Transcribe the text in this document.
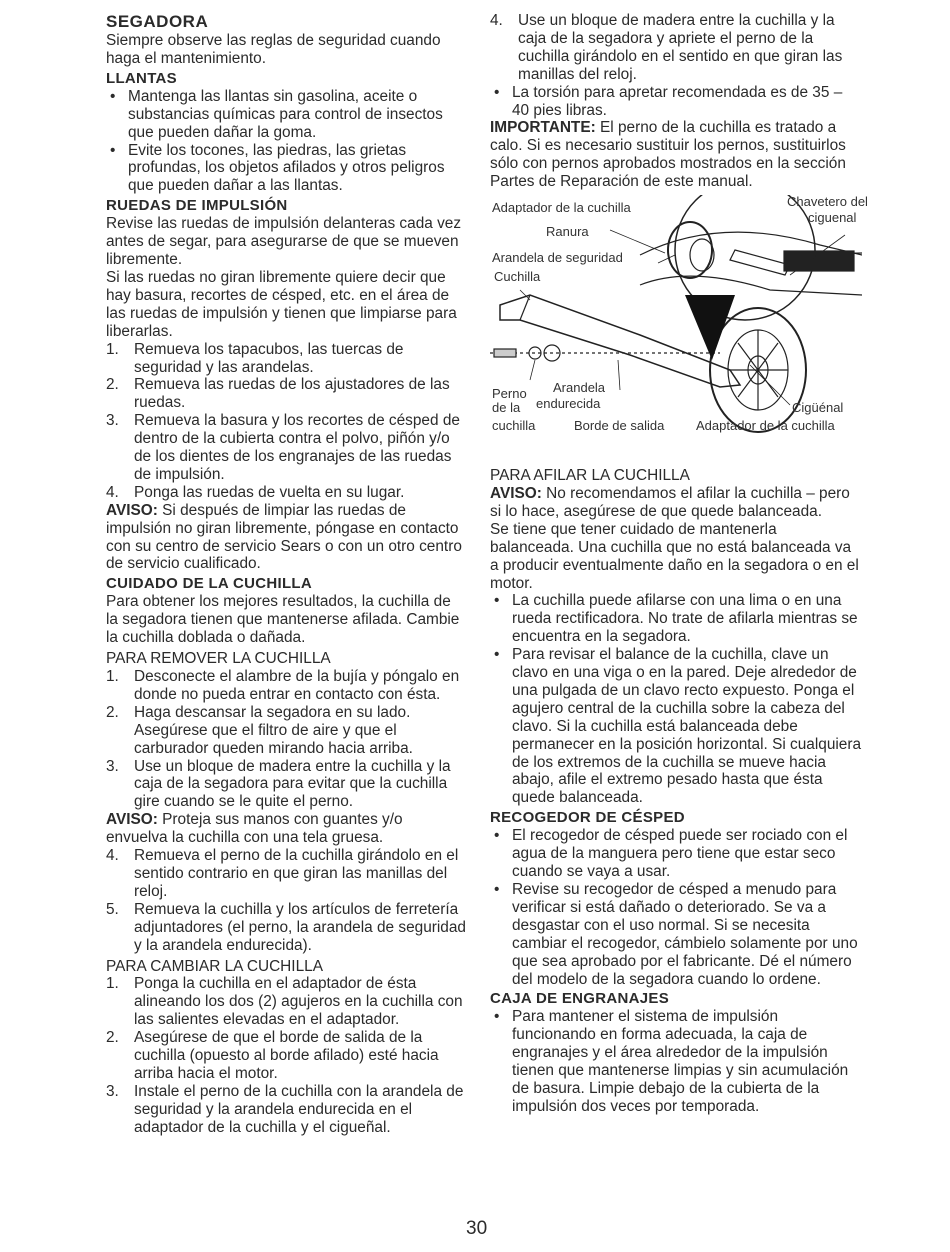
SEGADORA

Siempre observe las reglas de seguridad cuando haga el mantenimiento.

LLANTAS
• Mantenga las llantas sin gasolina, aceite o substancias químicas para control de insectos que pueden dañar la goma.
• Evite los tocones, las piedras, las grietas profundas, los objetos afilados y otros peligros que pueden dañar a las llantas.
RUEDAS DE IMPULSIÓN

Revise las ruedas de impulsión delanteras cada vez antes de segar, para asegurarse de que se mueven libremente.

Si las ruedas no giran libremente quiere decir que hay basura, recortes de césped, etc. en el área de las ruedas de impulsión y tienen que limpiarse para liberarlas.

1. Remueva los tapacubos, las tuercas de seguridad y las arandelas.
2. Remueva las ruedas de los ajustadores de las ruedas.
3. Remueva la basura y los recortes de césped de dentro de la cubierta contra el polvo, piñón y/o de los dientes de los engranajes de las ruedas de impulsión.
4. Ponga las ruedas de vuelta en su lugar.

AVISO: Si después de limpiar las ruedas de impulsión no giran libremente, póngase en contacto con su centro de servicio Sears o con un otro centro de servicio cualificado.

CUIDADO DE LA CUCHILLA

Para obtener los mejores resultados, la cuchilla de la segadora tienen que mantenerse afilada. Cambie la cuchilla doblada o dañada.

PARA REMOVER LA CUCHILLA

1. Desconecte el alambre de la bujía y póngalo en donde no pueda entrar en contacto con ésta.
2. Haga descansar la segadora en su lado. Asegúrese que el filtro de aire y que el carburador queden mirando hacia arriba.
3. Use un bloque de madera entre la cuchilla y la caja de la segadora para evitar que la cuchilla gire cuando se le quite el perno.

AVISO: Proteja sus manos con guantes y/o envuelva la cuchilla con una tela gruesa.

4. Remueva el perno de la cuchilla girándolo en el sentido contrario en que giran las manillas del reloj.
5. Remueva la cuchilla y los artículos de ferretería adjuntadores (el perno, la arandela de seguridad y la arandela endurecida).

PARA CAMBIAR LA CUCHILLA

1. Ponga la cuchilla en el adaptador de ésta alineando los dos (2) agujeros en la cuchilla con las salientes elevadas en el adaptador.
2. Asegúrese de que el borde de salida de la cuchilla (opuesto al borde afilado) esté hacia arriba hacia el motor.
3. Instale el perno de la cuchilla con la arandela de seguridad y la arandela endurecida en el adaptador de la cuchilla y el cigueñal.
4. Use un bloque de madera entre la cuchilla y la caja de la segadora y apriete el perno de la cuchilla girándolo en el sentido en que giran las manillas del reloj.
• La torsión para apretar recomendada es de 35 – 40 pies libras.

IMPORTANTE: El perno de la cuchilla es tratado a calo. Si es necesario sustituir los pernos, sustituirlos sólo con pernos aprobados mostrados en la sección Partes de Reparación de este manual.

Adaptador de la cuchilla
Ranura
Chavetero del
ciguenal
Arandela de seguridad
Cuchilla
Perno
de la
cuchilla
Arandela
endurecida	Cigüénal
Borde de salida Adaptador de la cuchilla

PARA AFILAR LA CUCHILLA

AVISO: No recomendamos el afilar la cuchilla – pero si lo hace, asegúrese de que quede balanceada.

Se tiene que tener cuidado de mantenerla balanceada. Una cuchilla que no está balanceada va a producir eventualmente daño en la segadora o en el motor.

• La cuchilla puede afilarse con una lima o en una rueda rectificadora. No trate de afilarla mientras se encuentra en la segadora.
• Para revisar el balance de la cuchilla, clave un clavo en una viga o en la pared. Deje alrededor de una pulgada de un clavo recto expuesto. Ponga el agujero central de la cuchilla sobre la cabeza del clavo. Si la cuchilla está balanceada debe permanecer en la posición horizontal. Si cualquiera de los extremos de la cuchilla se mueve hacia abajo, afile el extremo pesado hasta que ésta quede balanceada.
RECOGEDOR DE CÉSPED
• El recogedor de césped puede ser rociado con el agua de la manguera pero tiene que estar seco cuando se vaya a usar.
• Revise su recogedor de césped a menudo para verificar si está dañado o deteriorado. Se va a desgastar con el uso normal. Si se necesita cambiar el recogedor, cámbielo solamente por uno que sea aprobado por el fabricante. Dé el número del modelo de la segadora cuando lo ordene.
CAJA DE ENGRANAJES
• Para mantener el sistema de impulsión funcionando en forma adecuada, la caja de engranajes y el área alrededor de la impulsión tienen que mantenerse limpias y sin acumulación de basura. Limpie debajo de la cubierta de la impulsión dos veces por temporada.
30
